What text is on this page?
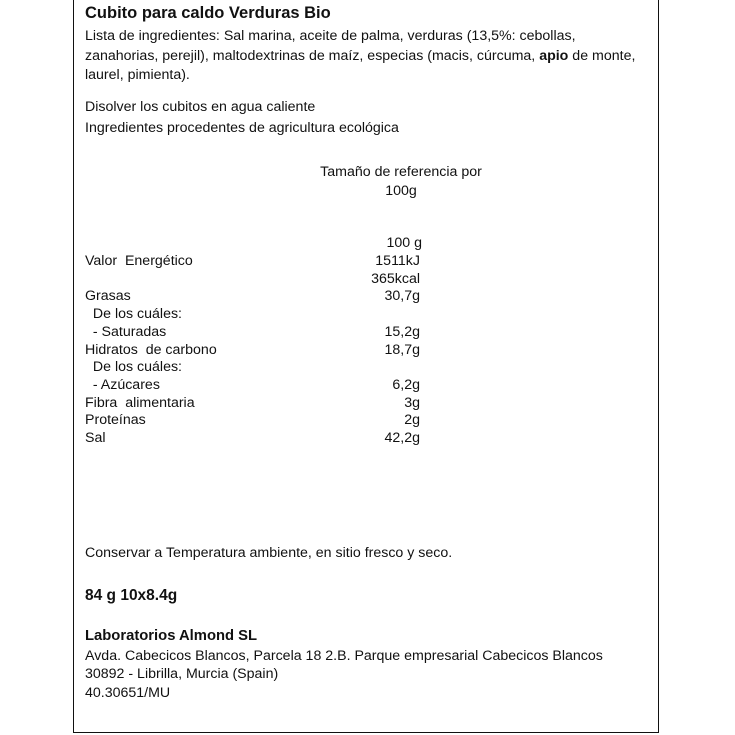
Cubito para caldo Verduras Bio
Lista de ingredientes: Sal marina, aceite de palma, verduras (13,5%: cebollas, zanahorias, perejil), maltodextrinas de maíz, especias (macis, cúrcuma, apio de monte, laurel, pimienta).
Disolver los cubitos en agua caliente
Ingredientes procedentes de agricultura ecológica
Tamaño de referencia por
100g
100 g
Valor  Energético	1511kJ
365kcal
Grasas	30,7g
De los cuáles:
- Saturadas	15,2g
Hidratos  de carbono	18,7g
De los cuáles:
- Azúcares	6,2g
Fibra  alimentaria	3g
Proteínas	2g
Sal	42,2g
Conservar a Temperatura ambiente, en sitio fresco y seco.
84 g 10x8.4g
Laboratorios Almond SL
Avda. Cabecicos Blancos, Parcela 18 2.B. Parque empresarial Cabecicos Blancos
30892 - Librilla, Murcia (Spain)
40.30651/MU
